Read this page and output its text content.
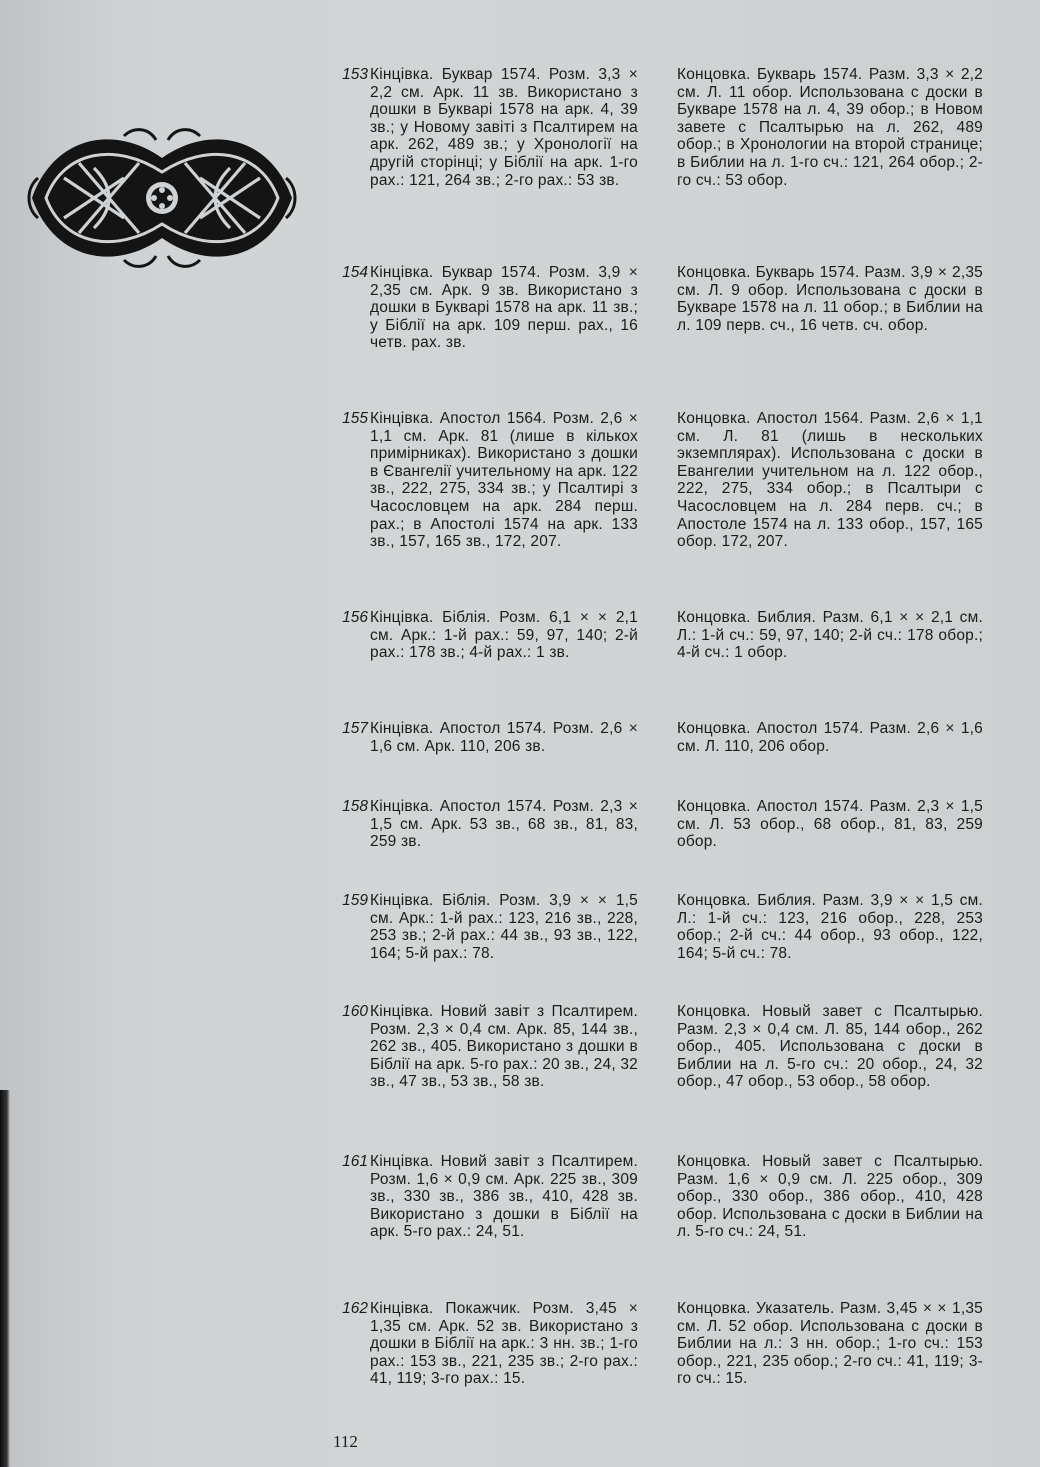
153 Кінцівка. Буквар 1574. Розм. 3,3 × 2,2 см. Арк. 11 зв. Використано з дошки в Букварі 1578 на арк. 4, 39 зв.; у Новому завіті з Псалтирем на арк. 262, 489 зв.; у Хронології на другій сторінці; у Біблії на арк. 1-го рах.: 121, 264 зв.; 2-го рах.: 53 зв.
Концовка. Букварь 1574. Разм. 3,3 × 2,2 см. Л. 11 обор. Использована с доски в Букваре 1578 на л. 4, 39 обор.; в Новом завете с Псалтырью на л. 262, 489 обор.; в Хронологии на второй странице; в Библии на л. 1-го сч.: 121, 264 обор.; 2-го сч.: 53 обор.
154 Кінцівка. Буквар 1574. Розм. 3,9 × 2,35 см. Арк. 9 зв. Використано з дошки в Букварі 1578 на арк. 11 зв.; у Біблії на арк. 109 перш. рах., 16 четв. рах. зв.
Концовка. Букварь 1574. Разм. 3,9 × 2,35 см. Л. 9 обор. Использована с доски в Букваре 1578 на л. 11 обор.; в Библии на л. 109 перв. сч., 16 четв. сч. обор.
155 Кінцівка. Апостол 1564. Розм. 2,6 × 1,1 см. Арк. 81 (лише в кількох примірниках). Використано з дошки в Євангелії учительному на арк. 122 зв., 222, 275, 334 зв.; у Псалтирі з Часословцем на арк. 284 перш. рах.; в Апостолі 1574 на арк. 133 зв., 157, 165 зв., 172, 207.
Концовка. Апостол 1564. Разм. 2,6 × 1,1 см. Л. 81 (лишь в нескольких экземплярах). Использована с доски в Евангелии учительном на л. 122 обор., 222, 275, 334 обор.; в Псалтыри с Часословцем на л. 284 перв. сч.; в Апостоле 1574 на л. 133 обор., 157, 165 обор. 172, 207.
156 Кінцівка. Біблія. Розм. 6,1 × × 2,1 см. Арк.: 1-й рах.: 59, 97, 140; 2-й рах.: 178 зв.; 4-й рах.: 1 зв.
Концовка. Библия. Разм. 6,1 × × 2,1 см. Л.: 1-й сч.: 59, 97, 140; 2-й сч.: 178 обор.; 4-й сч.: 1 обор.
157 Кінцівка. Апостол 1574. Розм. 2,6 × 1,6 см. Арк. 110, 206 зв.
Концовка. Апостол 1574. Разм. 2,6 × 1,6 см. Л. 110, 206 обор.
158 Кінцівка. Апостол 1574. Розм. 2,3 × 1,5 см. Арк. 53 зв., 68 зв., 81, 83, 259 зв.
Концовка. Апостол 1574. Разм. 2,3 × 1,5 см. Л. 53 обор., 68 обор., 81, 83, 259 обор.
159 Кінцівка. Біблія. Розм. 3,9 × × 1,5 см. Арк.: 1-й рах.: 123, 216 зв., 228, 253 зв.; 2-й рах.: 44 зв., 93 зв., 122, 164; 5-й рах.: 78.
Концовка. Библия. Разм. 3,9 × × 1,5 см. Л.: 1-й сч.: 123, 216 обор., 228, 253 обор.; 2-й сч.: 44 обор., 93 обор., 122, 164; 5-й сч.: 78.
160 Кінцівка. Новий завіт з Псалтирем. Розм. 2,3 × 0,4 см. Арк. 85, 144 зв., 262 зв., 405. Використано з дошки в Біблії на арк. 5-го рах.: 20 зв., 24, 32 зв., 47 зв., 53 зв., 58 зв.
Концовка. Новый завет с Псалтырью. Разм. 2,3 × 0,4 см. Л. 85, 144 обор., 262 обор., 405. Использована с доски в Библии на л. 5-го сч.: 20 обор., 24, 32 обор., 47 обор., 53 обор., 58 обор.
161 Кінцівка. Новий завіт з Псалтирем. Розм. 1,6 × 0,9 см. Арк. 225 зв., 309 зв., 330 зв., 386 зв., 410, 428 зв. Використано з дошки в Біблії на арк. 5-го рах.: 24, 51.
Концовка. Новый завет с Псалтырью. Разм. 1,6 × 0,9 см. Л. 225 обор., 309 обор., 330 обор., 386 обор., 410, 428 обор. Использована с доски в Библии на л. 5-го сч.: 24, 51.
162 Кінцівка. Покажчик. Розм. 3,45 × 1,35 см. Арк. 52 зв. Використано з дошки в Біблії на арк.: 3 нн. зв.; 1-го рах.: 153 зв., 221, 235 зв.; 2-го рах.: 41, 119; 3-го рах.: 15.
Концовка. Указатель. Разм. 3,45 × × 1,35 см. Л. 52 обор. Использована с доски в Библии на л.: 3 нн. обор.; 1-го сч.: 153 обор., 221, 235 обор.; 2-го сч.: 41, 119; 3-го сч.: 15.
112
